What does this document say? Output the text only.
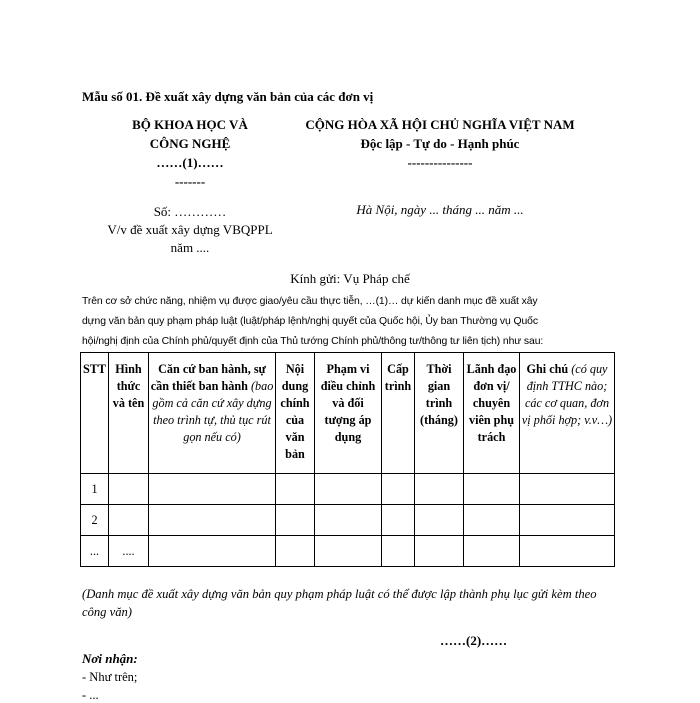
Mẫu số 01. Đề xuất xây dựng văn bản của các đơn vị
BỘ KHOA HỌC VÀ
CÔNG NGHỆ
……(1)……
-------
CỘNG HÒA XÃ HỘI CHỦ NGHĨA VIỆT NAM
Độc lập - Tự do - Hạnh phúc
---------------
Số: …………
V/v đề xuất xây dựng VBQPPL
năm ....
Hà Nội, ngày ... tháng ... năm ...
Kính gửi: Vụ Pháp chế
Trên cơ sở chức năng, nhiệm vụ được giao/yêu cầu thực tiễn, …(1)… dự kiến danh mục đề xuất xây
dựng văn bản quy phạm pháp luật (luật/pháp lệnh/nghị quyết của Quốc hội, Ủy ban Thường vụ Quốc
hội/nghị định của Chính phủ/quyết định của Thủ tướng Chính phủ/thông tư/thông tư liên tịch) như sau:
STT	Hình thức và tên	Căn cứ ban hành, sự cần thiết ban hành (bao gồm cả căn cứ xây dựng theo trình tự, thủ tục rút gọn nếu có)	Nội dung chính của văn bản	Phạm vi điều chỉnh và đối tượng áp dụng	Cấp trình	Thời gian trình (tháng)	Lãnh đạo đơn vị/ chuyên viên phụ trách	Ghi chú (có quy định TTHC nào; các cơ quan, đơn vị phối hợp; v.v…)
1								
2								
...	....							
(Danh mục đề xuất xây dựng văn bản quy phạm pháp luật có thể được lập thành phụ lục gửi kèm theo công văn)
……(2)……
Nơi nhận:
- Như trên;
- ...
